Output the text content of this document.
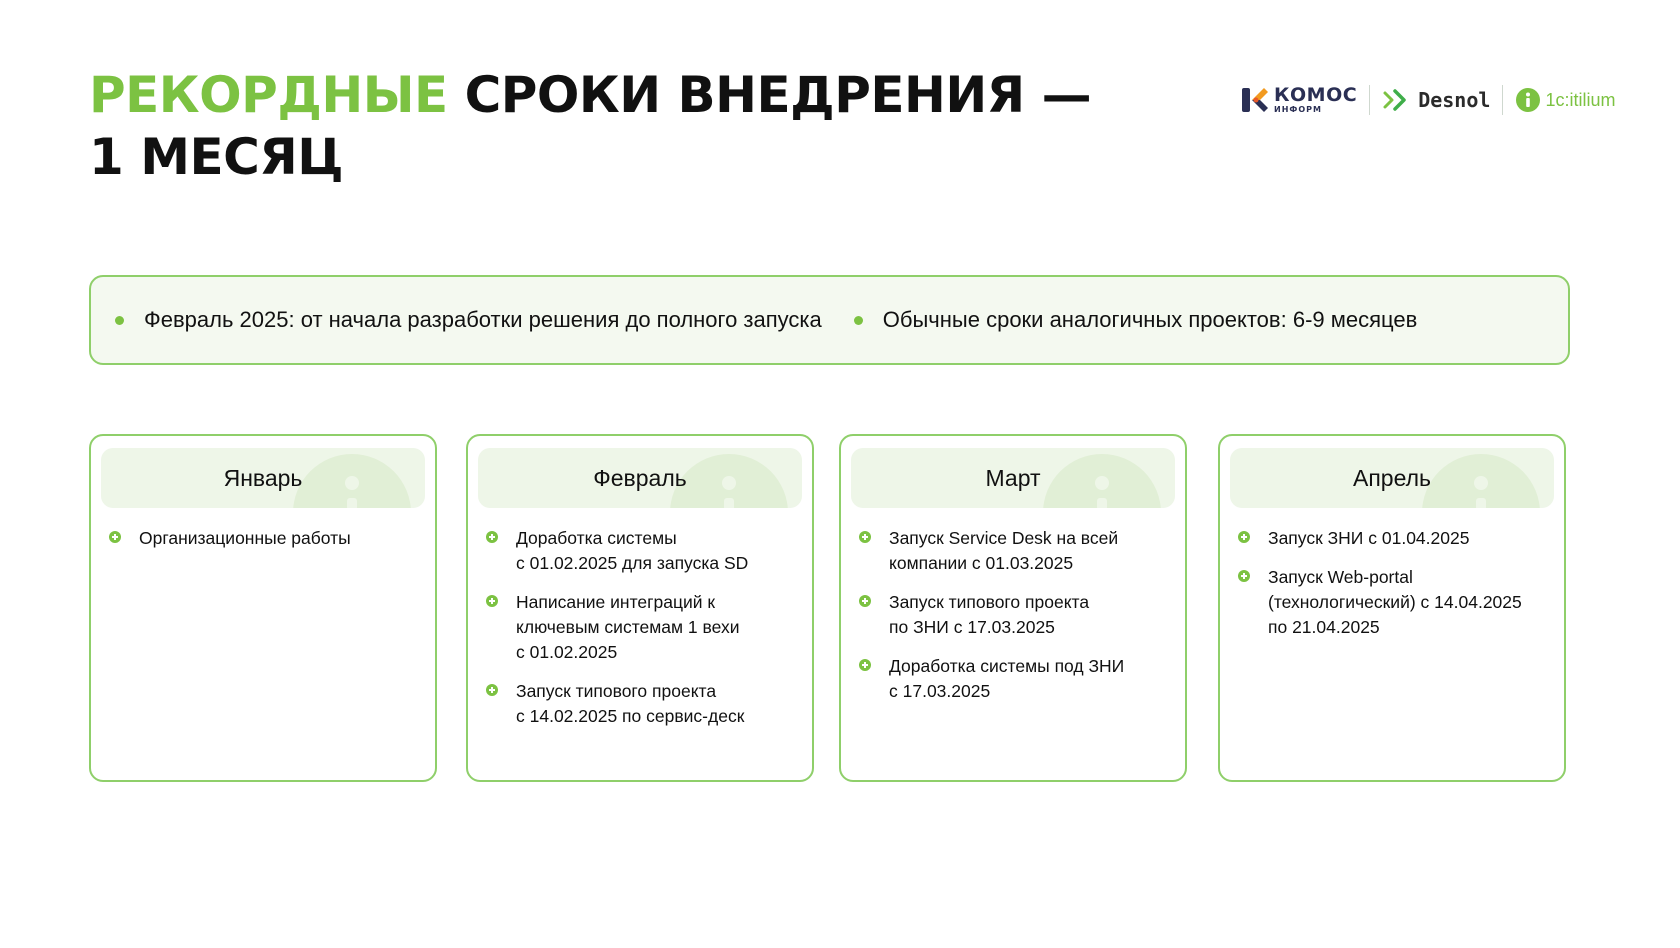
РЕКОРДНЫЕ СРОКИ ВНЕДРЕНИЯ —
1 МЕСЯЦ
КОМОС
ИНФОРМ	Desnol	1c:itilium
Февраль 2025: от начала разработки решения до полного запуска	Обычные сроки аналогичных проектов: 6-9 месяцев
Январь
Организационные работы
Февраль
Доработка системы
с 01.02.2025 для запуска SD
Написание интеграций к
ключевым системам 1 вехи
с 01.02.2025
Запуск типового проекта
с 14.02.2025 по сервис-деск
Март
Запуск Service Desk на всей
компании с 01.03.2025
Запуск типового проекта
по ЗНИ с 17.03.2025
Доработка системы под ЗНИ
с 17.03.2025
Апрель
Запуск ЗНИ с 01.04.2025
Запуск Web-portal
(технологический) с 14.04.2025
по 21.04.2025
